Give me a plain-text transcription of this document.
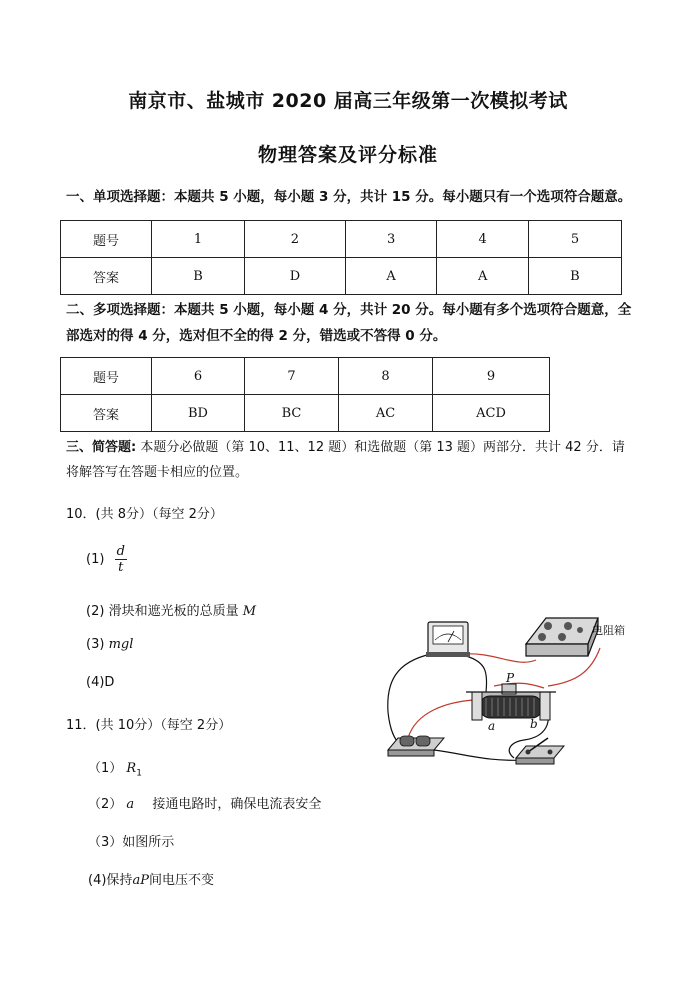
南京市、盐城市 2020 届高三年级第一次模拟考试
物理答案及评分标准
一、单项选择题：本题共 5 小题，每小题 3 分，共计 15 分。每小题只有一个选项符合题意。
题号	1	2	3	4	5
答案	B	D	A	A	B
二、多项选择题：本题共 5 小题，每小题 4 分，共计 20 分。每小题有多个选项符合题意，全
部选对的得 4 分，选对但不全的得 2 分，错选或不答得 0 分。
题号	6	7	8	9
答案	BD	BC	AC	ACD
三、简答题: 本题分必做题（第 10、11、12 题）和选做题（第 13 题）两部分．共计 42 分．请
将解答写在答题卡相应的位置。
10．(共 8分）（每空 2分）
$(1) \frac{d}{t}$
(2) 滑块和遮光板的总质量 M
(3) mgl
(4)D
11．(共 10分）（每空 2分）
（1） $R_1$
（2） a 接通电路时，确保电流表安全
（3）如图所示
(4)保持aP间电压不变
电阻箱
P
a	b
